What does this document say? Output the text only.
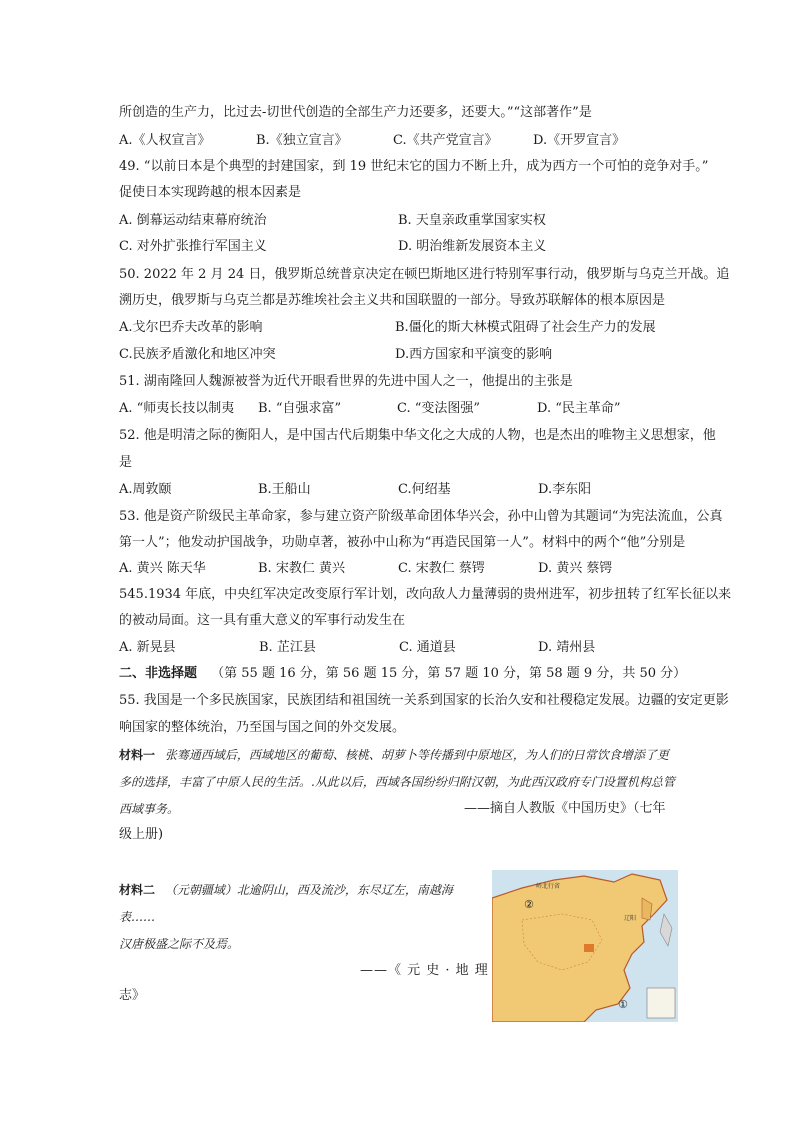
所创造的生产力，比过去-切世代创造的全部生产力还要多，还要大。”“这部著作”是
A.《人权宣言》	B.《独立宣言》	C.《共产党宣言》	D.《开罗宣言》
49. “以前日本是个典型的封建国家，到 19 世纪末它的国力不断上升，成为西方一个可怕的竞争对手。”
促使日本实现跨越的根本因素是
A. 倒幕运动结束幕府统治	B. 天皇亲政重掌国家实权
C. 对外扩张推行军国主义	D. 明治维新发展资本主义
50. 2022 年 2 月 24 日，俄罗斯总统普京决定在顿巴斯地区进行特别军事行动，俄罗斯与乌克兰开战。追
溯历史，俄罗斯与乌克兰都是苏维埃社会主义共和国联盟的一部分。导致苏联解体的根本原因是
A.戈尔巴乔夫改革的影响	B.僵化的斯大林模式阻碍了社会生产力的发展
C.民族矛盾激化和地区冲突	D.西方国家和平演变的影响
51. 湖南隆回人魏源被誉为近代开眼看世界的先进中国人之一，他提出的主张是
A. “师夷长技以制夷 B. “自强求富”	C. “变法图强”	D. “民主革命”
52. 他是明清之际的衡阳人，是中国古代后期集中华文化之大成的人物，也是杰出的唯物主义思想家，他
是
A.周敦颐	B.王船山	C.何绍基	D.李东阳
53. 他是资产阶级民主革命家，参与建立资产阶级革命团体华兴会，孙中山曾为其题词“为宪法流血，公真
第一人”；他发动护国战争，功勋卓著，被孙中山称为“再造民国第一人”。材料中的两个“他”分别是
A. 黄兴 陈天华	B. 宋教仁 黄兴	C. 宋教仁 蔡锷	D. 黄兴 蔡锷
545.1934 年底，中央红军决定改变原行军计划，改向敌人力量薄弱的贵州进军，初步扭转了红军长征以来
的被动局面。这一具有重大意义的军事行动发生在
A. 新晃县	B. 芷江县	C. 通道县	D. 靖州县
二、非选择题 （第 55 题 16 分，第 56 题 15 分，第 57 题 10 分，第 58 题 9 分，共 50 分）
55. 我国是一个多民族国家，民族团结和祖国统一关系到国家的长治久安和社稷稳定发展。边疆的安定更影
响国家的整体统治，乃至国与国之间的外交发展。
材料一 张骞通西域后，西域地区的葡萄、核桃、胡萝卜等传播到中原地区，为人们的日常饮食增添了更
多的选择，丰富了中原人民的生活。.从此以后，西域各国纷纷归附汉朝，为此西汉政府专门设置机构总管
西域事务。	——摘自人教版《中国历史》（七年
级上册)
材料二 （元朝疆域）北逾阴山，西及流沙，东尽辽左，南越海
表……
汉唐极盛之际不及焉。
——《 元 史 · 地 理
志》
岭北行省
辽阳
②
①
